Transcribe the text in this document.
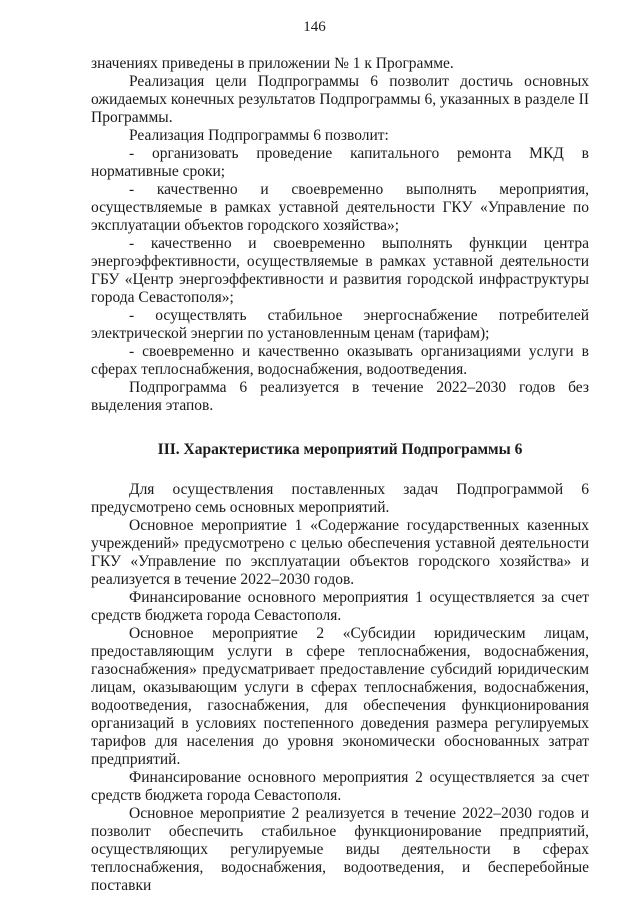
146

значениях приведены в приложении № 1 к Программе.

Реализация цели Подпрограммы 6 позволит достичь основных ожидаемых конечных результатов Подпрограммы 6, указанных в разделе II Программы.

Реализация Подпрограммы 6 позволит:

- организовать проведение капитального ремонта МКД в нормативные сроки;

- качественно и своевременно выполнять мероприятия, осуществляемые в рамках уставной деятельности ГКУ «Управление по эксплуатации объектов городского хозяйства»;

- качественно и своевременно выполнять функции центра энергоэффективности, осуществляемые в рамках уставной деятельности ГБУ «Центр энергоэффективности и развития городской инфраструктуры города Севастополя»;

- осуществлять стабильное энергоснабжение потребителей электрической энергии по установленным ценам (тарифам);

- своевременно и качественно оказывать организациями услуги в сферах теплоснабжения, водоснабжения, водоотведения.

Подпрограмма 6 реализуется в течение 2022–2030 годов без выделения этапов.

III. Характеристика мероприятий Подпрограммы 6

Для осуществления поставленных задач Подпрограммой 6 предусмотрено семь основных мероприятий.

Основное мероприятие 1 «Содержание государственных казенных учреждений» предусмотрено с целью обеспечения уставной деятельности ГКУ «Управление по эксплуатации объектов городского хозяйства» и реализуется в течение 2022–2030 годов.

Финансирование основного мероприятия 1 осуществляется за счет средств бюджета города Севастополя.

Основное мероприятие 2 «Субсидии юридическим лицам, предоставляющим услуги в сфере теплоснабжения, водоснабжения, газоснабжения» предусматривает предоставление субсидий юридическим лицам, оказывающим услуги в сферах теплоснабжения, водоснабжения, водоотведения, газоснабжения, для обеспечения функционирования организаций в условиях постепенного доведения размера регулируемых тарифов для населения до уровня экономически обоснованных затрат предприятий.

Финансирование основного мероприятия 2 осуществляется за счет средств бюджета города Севастополя.

Основное мероприятие 2 реализуется в течение 2022–2030 годов и позволит обеспечить стабильное функционирование предприятий, осуществляющих регулируемые виды деятельности в сферах теплоснабжения, водоснабжения, водоотведения, и бесперебойные поставки
